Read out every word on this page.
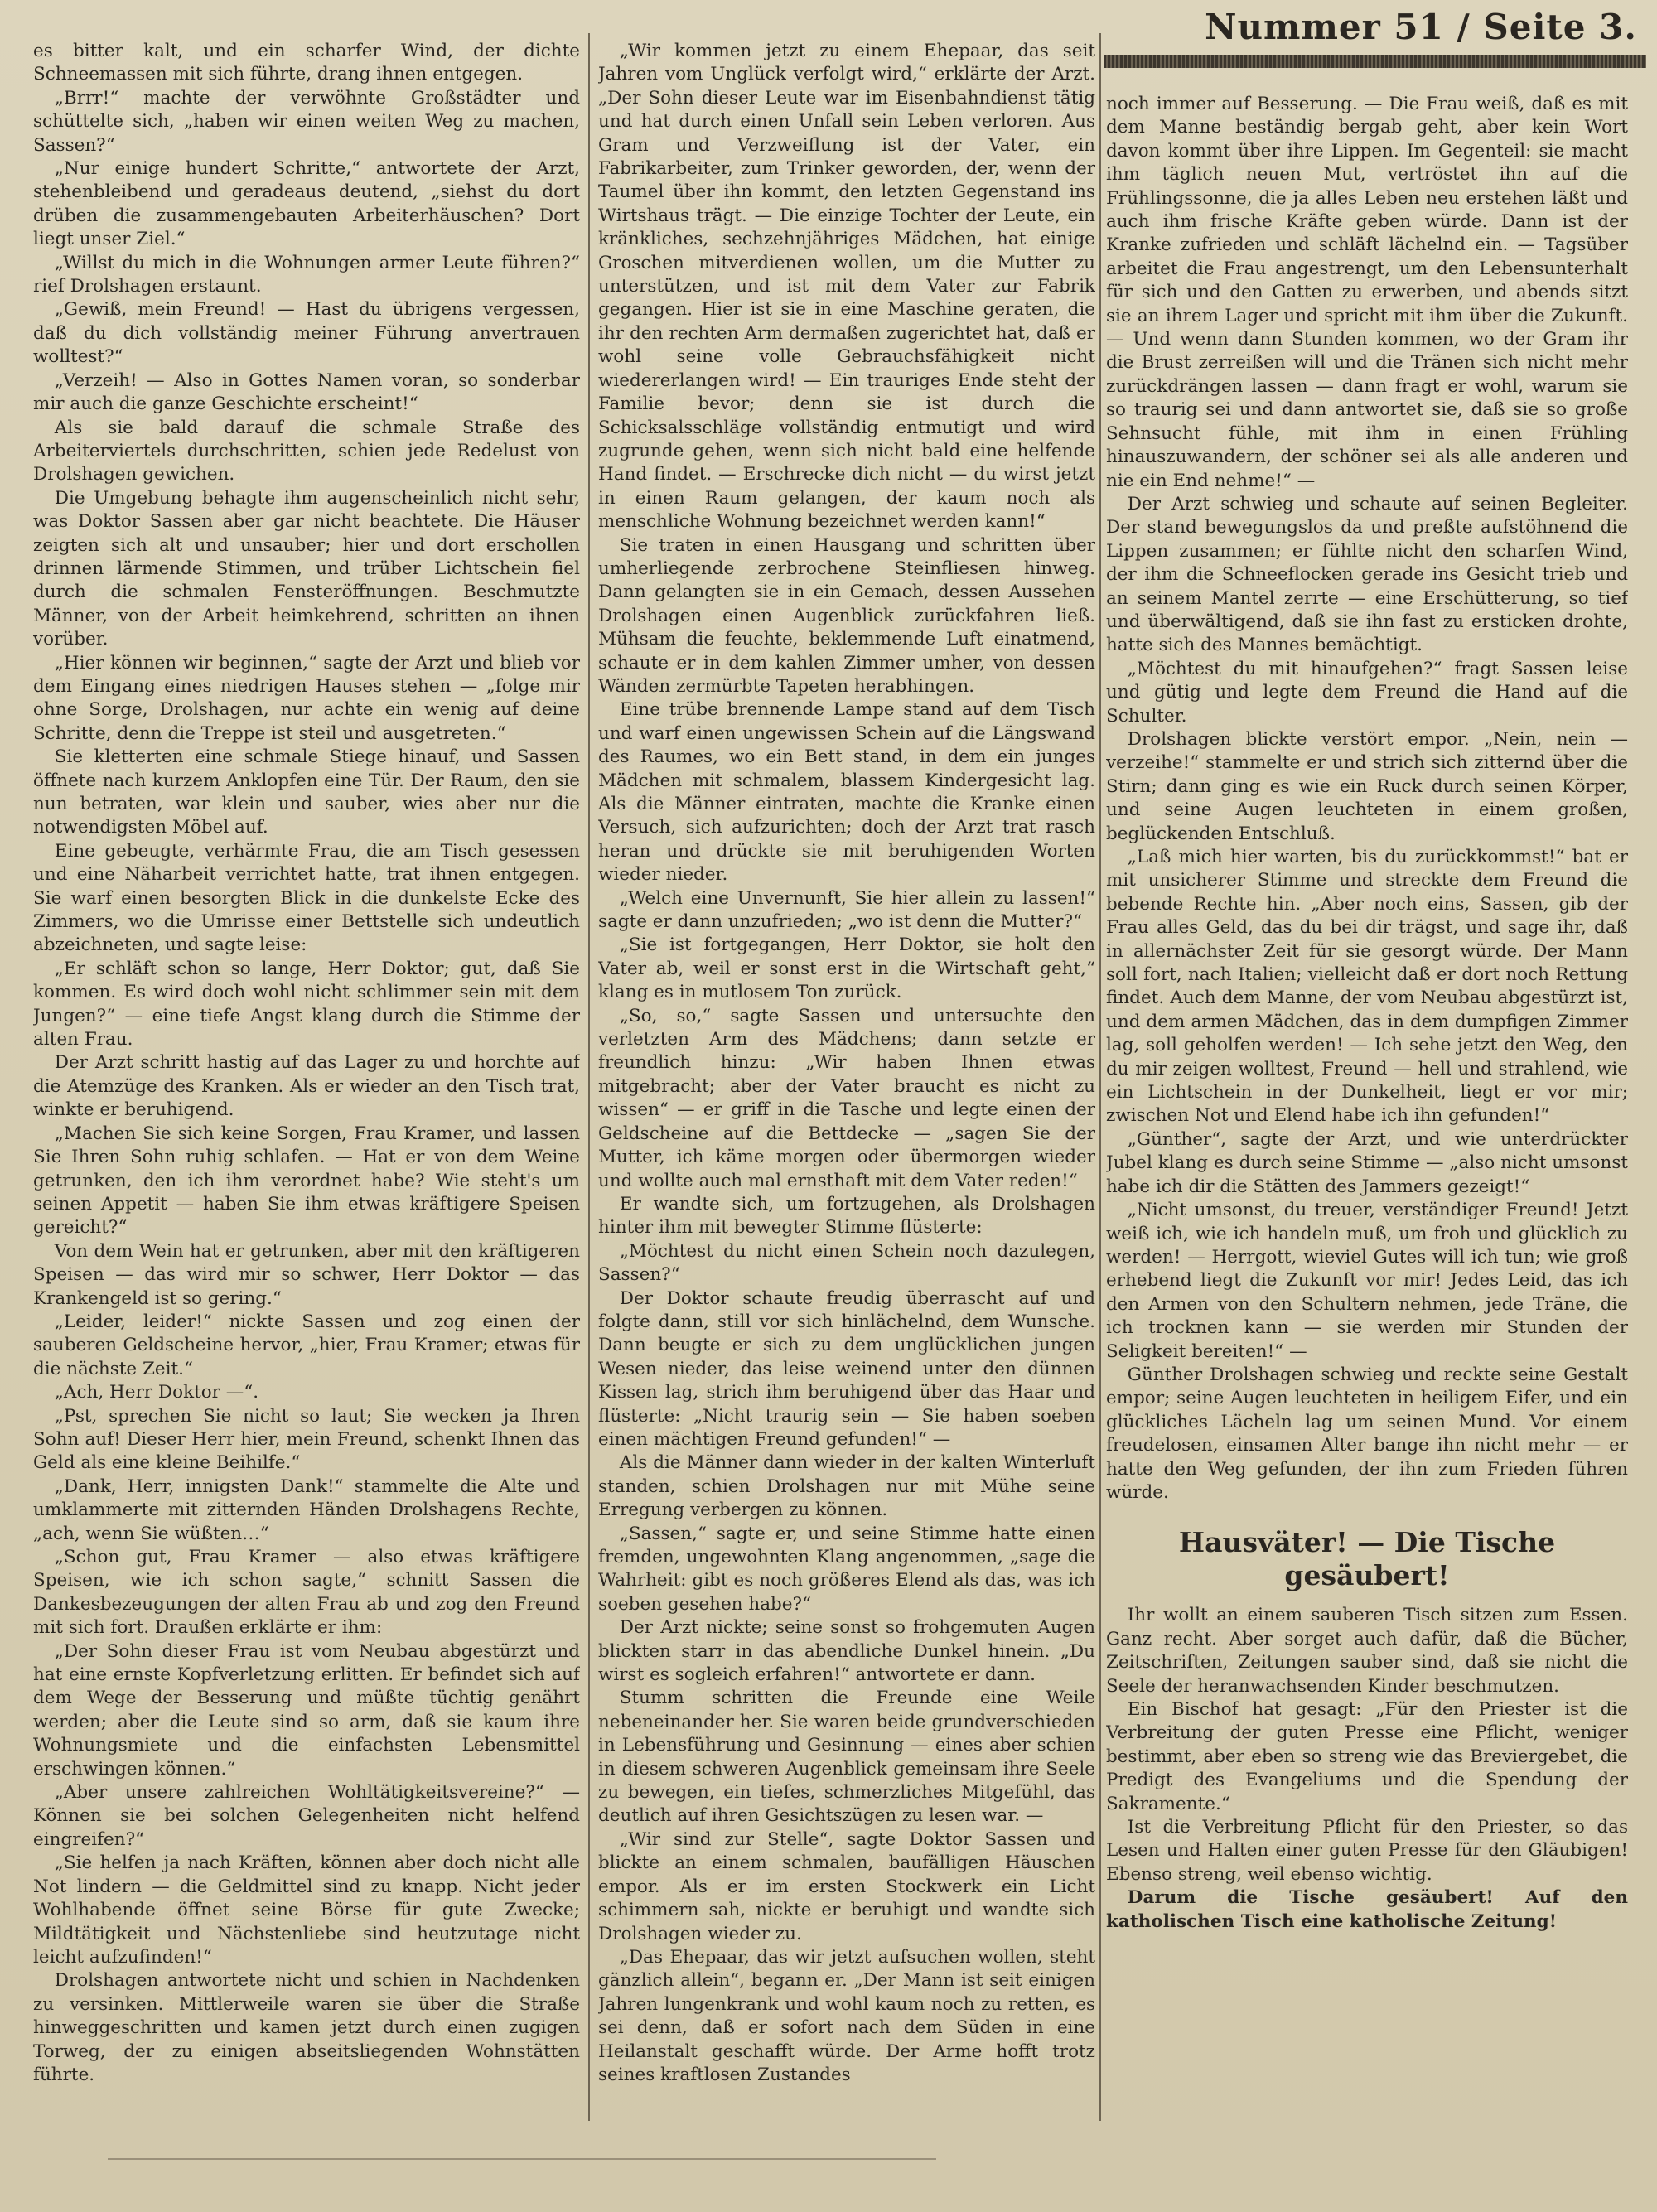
Nummer 51 / Seite 3.

es bitter kalt, und ein scharfer Wind, der dichte Schneemassen mit sich führte, drang ihnen entgegen.

„Brrr!“ machte der verwöhnte Großstädter und schüttelte sich, „haben wir einen weiten Weg zu machen, Sassen?“

„Nur einige hundert Schritte,“ antwortete der Arzt, stehenbleibend und geradeaus deutend, „siehst du dort drüben die zusammengebauten Arbeiterhäuschen? Dort liegt unser Ziel.“

„Willst du mich in die Wohnungen armer Leute führen?“ rief Drolshagen erstaunt.

„Gewiß, mein Freund! — Hast du übrigens vergessen, daß du dich vollständig meiner Führung anvertrauen wolltest?“

„Verzeih! — Also in Gottes Namen voran, so sonderbar mir auch die ganze Geschichte erscheint!“

Als sie bald darauf die schmale Straße des Arbeiterviertels durchschritten, schien jede Redelust von Drolshagen gewichen.

Die Umgebung behagte ihm augenscheinlich nicht sehr, was Doktor Sassen aber gar nicht beachtete. Die Häuser zeigten sich alt und unsauber; hier und dort erschollen drinnen lärmende Stimmen, und trüber Lichtschein fiel durch die schmalen Fensteröffnungen. Beschmutzte Männer, von der Arbeit heimkehrend, schritten an ihnen vorüber.

„Hier können wir beginnen,“ sagte der Arzt und blieb vor dem Eingang eines niedrigen Hauses stehen — „folge mir ohne Sorge, Drolshagen, nur achte ein wenig auf deine Schritte, denn die Treppe ist steil und ausgetreten.“

Sie kletterten eine schmale Stiege hinauf, und Sassen öffnete nach kurzem Anklopfen eine Tür. Der Raum, den sie nun betraten, war klein und sauber, wies aber nur die notwendigsten Möbel auf.

Eine gebeugte, verhärmte Frau, die am Tisch gesessen und eine Näharbeit verrichtet hatte, trat ihnen entgegen. Sie warf einen besorgten Blick in die dunkelste Ecke des Zimmers, wo die Umrisse einer Bettstelle sich undeutlich abzeichneten, und sagte leise:

„Er schläft schon so lange, Herr Doktor; gut, daß Sie kommen. Es wird doch wohl nicht schlimmer sein mit dem Jungen?“ — eine tiefe Angst klang durch die Stimme der alten Frau.

Der Arzt schritt hastig auf das Lager zu und horchte auf die Atemzüge des Kranken. Als er wieder an den Tisch trat, winkte er beruhigend.

„Machen Sie sich keine Sorgen, Frau Kramer, und lassen Sie Ihren Sohn ruhig schlafen. — Hat er von dem Weine getrunken, den ich ihm verordnet habe? Wie steht's um seinen Appetit — haben Sie ihm etwas kräftigere Speisen gereicht?“

Von dem Wein hat er getrunken, aber mit den kräftigeren Speisen — das wird mir so schwer, Herr Doktor — das Krankengeld ist so gering.“

„Leider, leider!“ nickte Sassen und zog einen der sauberen Geldscheine hervor, „hier, Frau Kramer; etwas für die nächste Zeit.“

„Ach, Herr Doktor —“.

„Pst, sprechen Sie nicht so laut; Sie wecken ja Ihren Sohn auf! Dieser Herr hier, mein Freund, schenkt Ihnen das Geld als eine kleine Beihilfe.“

„Dank, Herr, innigsten Dank!“ stammelte die Alte und umklammerte mit zitternden Händen Drolshagens Rechte, „ach, wenn Sie wüßten…“

„Schon gut, Frau Kramer — also etwas kräftigere Speisen, wie ich schon sagte,“ schnitt Sassen die Dankesbezeugungen der alten Frau ab und zog den Freund mit sich fort. Draußen erklärte er ihm:

„Der Sohn dieser Frau ist vom Neubau abgestürzt und hat eine ernste Kopfverletzung erlitten. Er befindet sich auf dem Wege der Besserung und müßte tüchtig genährt werden; aber die Leute sind so arm, daß sie kaum ihre Wohnungsmiete und die einfachsten Lebensmittel erschwingen können.“

„Aber unsere zahlreichen Wohltätigkeitsvereine?“ — Können sie bei solchen Gelegenheiten nicht helfend eingreifen?“

„Sie helfen ja nach Kräften, können aber doch nicht alle Not lindern — die Geldmittel sind zu knapp. Nicht jeder Wohlhabende öffnet seine Börse für gute Zwecke; Mildtätigkeit und Nächstenliebe sind heutzutage nicht leicht aufzufinden!“

Drolshagen antwortete nicht und schien in Nachdenken zu versinken. Mittlerweile waren sie über die Straße hinweggeschritten und kamen jetzt durch einen zugigen Torweg, der zu einigen abseitsliegenden Wohnstätten führte.

„Wir kommen jetzt zu einem Ehepaar, das seit Jahren vom Unglück verfolgt wird,“ erklärte der Arzt. „Der Sohn dieser Leute war im Eisenbahndienst tätig und hat durch einen Unfall sein Leben verloren. Aus Gram und Verzweiflung ist der Vater, ein Fabrikarbeiter, zum Trinker geworden, der, wenn der Taumel über ihn kommt, den letzten Gegenstand ins Wirtshaus trägt. — Die einzige Tochter der Leute, ein kränkliches, sechzehnjähriges Mädchen, hat einige Groschen mitverdienen wollen, um die Mutter zu unterstützen, und ist mit dem Vater zur Fabrik gegangen. Hier ist sie in eine Maschine geraten, die ihr den rechten Arm dermaßen zugerichtet hat, daß er wohl seine volle Gebrauchsfähigkeit nicht wiedererlangen wird! — Ein trauriges Ende steht der Familie bevor; denn sie ist durch die Schicksalsschläge vollständig entmutigt und wird zugrunde gehen, wenn sich nicht bald eine helfende Hand findet. — Erschrecke dich nicht — du wirst jetzt in einen Raum gelangen, der kaum noch als menschliche Wohnung bezeichnet werden kann!“

Sie traten in einen Hausgang und schritten über umherliegende zerbrochene Steinfliesen hinweg. Dann gelangten sie in ein Gemach, dessen Aussehen Drolshagen einen Augenblick zurückfahren ließ. Mühsam die feuchte, beklemmende Luft einatmend, schaute er in dem kahlen Zimmer umher, von dessen Wänden zermürbte Tapeten herabhingen.

Eine trübe brennende Lampe stand auf dem Tisch und warf einen ungewissen Schein auf die Längswand des Raumes, wo ein Bett stand, in dem ein junges Mädchen mit schmalem, blassem Kindergesicht lag. Als die Männer eintraten, machte die Kranke einen Versuch, sich aufzurichten; doch der Arzt trat rasch heran und drückte sie mit beruhigenden Worten wieder nieder.

„Welch eine Unvernunft, Sie hier allein zu lassen!“ sagte er dann unzufrieden; „wo ist denn die Mutter?“

„Sie ist fortgegangen, Herr Doktor, sie holt den Vater ab, weil er sonst erst in die Wirtschaft geht,“ klang es in mutlosem Ton zurück.

„So, so,“ sagte Sassen und untersuchte den verletzten Arm des Mädchens; dann setzte er freundlich hinzu: „Wir haben Ihnen etwas mitgebracht; aber der Vater braucht es nicht zu wissen“ — er griff in die Tasche und legte einen der Geldscheine auf die Bettdecke — „sagen Sie der Mutter, ich käme morgen oder übermorgen wieder und wollte auch mal ernsthaft mit dem Vater reden!“

Er wandte sich, um fortzugehen, als Drolshagen hinter ihm mit bewegter Stimme flüsterte:

„Möchtest du nicht einen Schein noch dazulegen, Sassen?“

Der Doktor schaute freudig überrascht auf und folgte dann, still vor sich hinlächelnd, dem Wunsche. Dann beugte er sich zu dem unglücklichen jungen Wesen nieder, das leise weinend unter den dünnen Kissen lag, strich ihm beruhigend über das Haar und flüsterte: „Nicht traurig sein — Sie haben soeben einen mächtigen Freund gefunden!“ —

Als die Männer dann wieder in der kalten Winterluft standen, schien Drolshagen nur mit Mühe seine Erregung verbergen zu können.

„Sassen,“ sagte er, und seine Stimme hatte einen fremden, ungewohnten Klang angenommen, „sage die Wahrheit: gibt es noch größeres Elend als das, was ich soeben gesehen habe?“

Der Arzt nickte; seine sonst so frohgemuten Augen blickten starr in das abendliche Dunkel hinein. „Du wirst es sogleich erfahren!“ antwortete er dann.

Stumm schritten die Freunde eine Weile nebeneinander her. Sie waren beide grundverschieden in Lebensführung und Gesinnung — eines aber schien in diesem schweren Augenblick gemeinsam ihre Seele zu bewegen, ein tiefes, schmerzliches Mitgefühl, das deutlich auf ihren Gesichtszügen zu lesen war. —

„Wir sind zur Stelle“, sagte Doktor Sassen und blickte an einem schmalen, baufälligen Häuschen empor. Als er im ersten Stockwerk ein Licht schimmern sah, nickte er beruhigt und wandte sich Drolshagen wieder zu.

„Das Ehepaar, das wir jetzt aufsuchen wollen, steht gänzlich allein“, begann er. „Der Mann ist seit einigen Jahren lungenkrank und wohl kaum noch zu retten, es sei denn, daß er sofort nach dem Süden in eine Heilanstalt geschafft würde. Der Arme hofft trotz seines kraftlosen Zustandes

noch immer auf Besserung. — Die Frau weiß, daß es mit dem Manne beständig bergab geht, aber kein Wort davon kommt über ihre Lippen. Im Gegenteil: sie macht ihm täglich neuen Mut, vertröstet ihn auf die Frühlingssonne, die ja alles Leben neu erstehen läßt und auch ihm frische Kräfte geben würde. Dann ist der Kranke zufrieden und schläft lächelnd ein. — Tagsüber arbeitet die Frau angestrengt, um den Lebensunterhalt für sich und den Gatten zu erwerben, und abends sitzt sie an ihrem Lager und spricht mit ihm über die Zukunft. — Und wenn dann Stunden kommen, wo der Gram ihr die Brust zerreißen will und die Tränen sich nicht mehr zurückdrängen lassen — dann fragt er wohl, warum sie so traurig sei und dann antwortet sie, daß sie so große Sehnsucht fühle, mit ihm in einen Frühling hinauszuwandern, der schöner sei als alle anderen und nie ein End nehme!“ —

Der Arzt schwieg und schaute auf seinen Begleiter. Der stand bewegungslos da und preßte aufstöhnend die Lippen zusammen; er fühlte nicht den scharfen Wind, der ihm die Schneeflocken gerade ins Gesicht trieb und an seinem Mantel zerrte — eine Erschütterung, so tief und überwältigend, daß sie ihn fast zu ersticken drohte, hatte sich des Mannes bemächtigt.

„Möchtest du mit hinaufgehen?“ fragt Sassen leise und gütig und legte dem Freund die Hand auf die Schulter.

Drolshagen blickte verstört empor. „Nein, nein — verzeihe!“ stammelte er und strich sich zitternd über die Stirn; dann ging es wie ein Ruck durch seinen Körper, und seine Augen leuchteten in einem großen, beglückenden Entschluß.

„Laß mich hier warten, bis du zurückkommst!“ bat er mit unsicherer Stimme und streckte dem Freund die bebende Rechte hin. „Aber noch eins, Sassen, gib der Frau alles Geld, das du bei dir trägst, und sage ihr, daß in allernächster Zeit für sie gesorgt würde. Der Mann soll fort, nach Italien; vielleicht daß er dort noch Rettung findet. Auch dem Manne, der vom Neubau abgestürzt ist, und dem armen Mädchen, das in dem dumpfigen Zimmer lag, soll geholfen werden! — Ich sehe jetzt den Weg, den du mir zeigen wolltest, Freund — hell und strahlend, wie ein Lichtschein in der Dunkelheit, liegt er vor mir; zwischen Not und Elend habe ich ihn gefunden!“

„Günther“, sagte der Arzt, und wie unterdrückter Jubel klang es durch seine Stimme — „also nicht umsonst habe ich dir die Stätten des Jammers gezeigt!“

„Nicht umsonst, du treuer, verständiger Freund! Jetzt weiß ich, wie ich handeln muß, um froh und glücklich zu werden! — Herrgott, wieviel Gutes will ich tun; wie groß erhebend liegt die Zukunft vor mir! Jedes Leid, das ich den Armen von den Schultern nehmen, jede Träne, die ich trocknen kann — sie werden mir Stunden der Seligkeit bereiten!“ —

Günther Drolshagen schwieg und reckte seine Gestalt empor; seine Augen leuchteten in heiligem Eifer, und ein glückliches Lächeln lag um seinen Mund. Vor einem freudelosen, einsamen Alter bange ihn nicht mehr — er hatte den Weg gefunden, der ihn zum Frieden führen würde.

Hausväter! — Die Tische gesäubert!

Ihr wollt an einem sauberen Tisch sitzen zum Essen. Ganz recht. Aber sorget auch dafür, daß die Bücher, Zeitschriften, Zeitungen sauber sind, daß sie nicht die Seele der heranwachsenden Kinder beschmutzen.

Ein Bischof hat gesagt: „Für den Priester ist die Verbreitung der guten Presse eine Pflicht, weniger bestimmt, aber eben so streng wie das Breviergebet, die Predigt des Evangeliums und die Spendung der Sakramente.“

Ist die Verbreitung Pflicht für den Priester, so das Lesen und Halten einer guten Presse für den Gläubigen! Ebenso streng, weil ebenso wichtig.

Darum die Tische gesäubert! Auf den katholischen Tisch eine katholische Zeitung!
